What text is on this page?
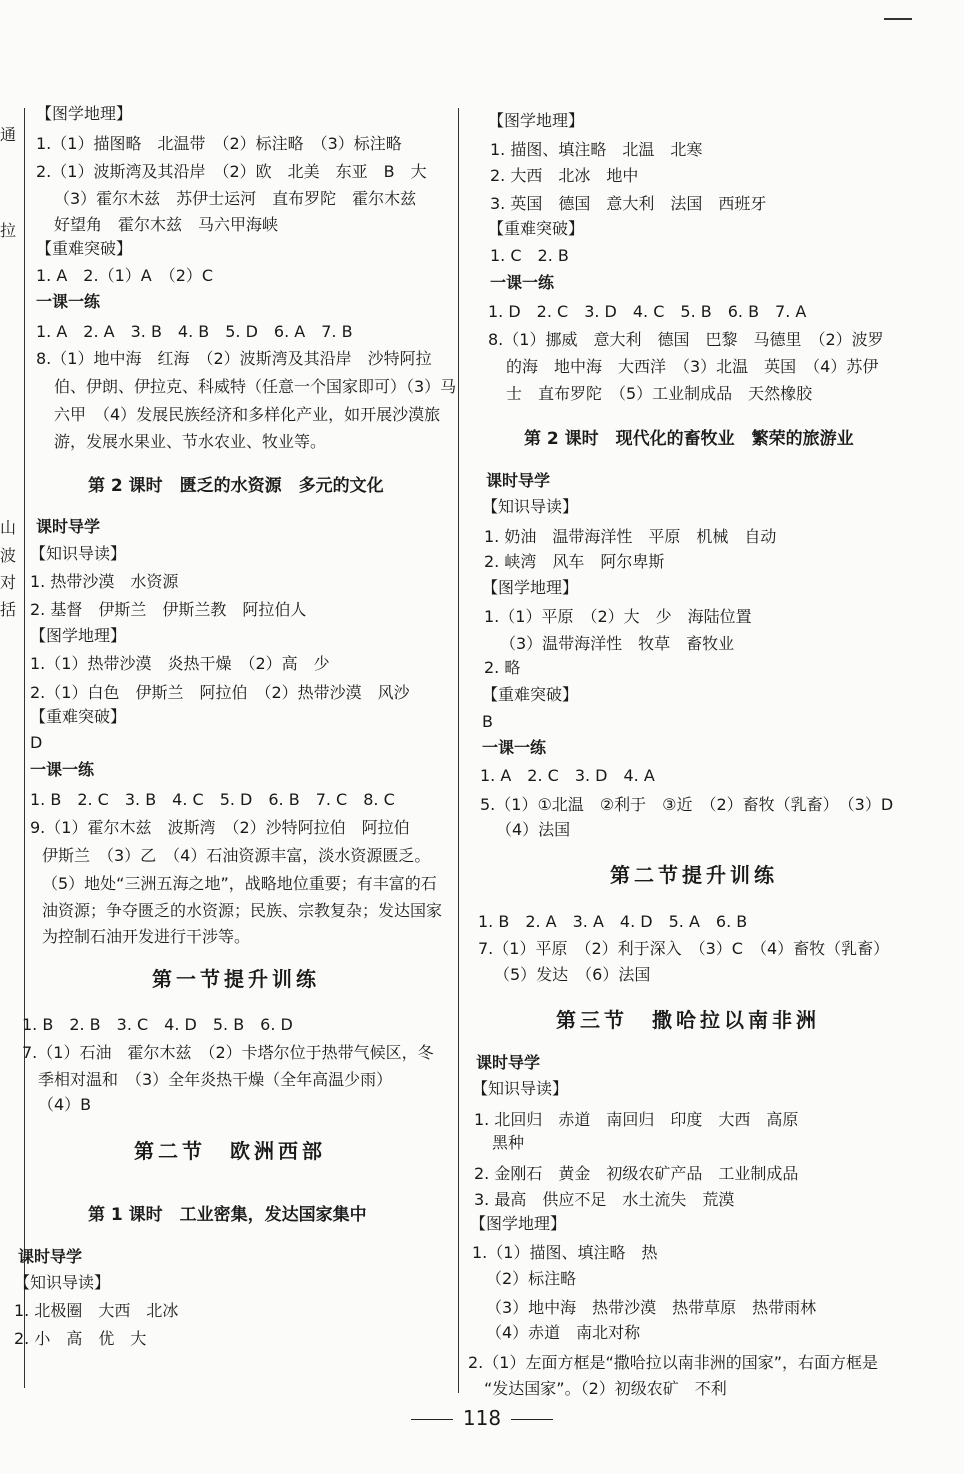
通
拉
山
波
对
括
【图学地理】
1.（1）描图略　北温带　（2）标注略　（3）标注略
2.（1）波斯湾及其沿岸　（2）欧　北美　东亚　B　大
（3）霍尔木兹　苏伊士运河　直布罗陀　霍尔木兹
好望角　霍尔木兹　马六甲海峡
【重难突破】
1. A　2.（1）A　（2）C
一课一练
1. A　2. A　3. B　4. B　5. D　6. A　7. B
8.（1）地中海　红海　（2）波斯湾及其沿岸　沙特阿拉
伯、伊朗、伊拉克、科威特（任意一个国家即可）（3）马
六甲　（4）发展民族经济和多样化产业，如开展沙漠旅
游，发展水果业、节水农业、牧业等。
第 2 课时　匮乏的水资源　多元的文化
课时导学
【知识导读】
1. 热带沙漠　水资源
2. 基督　伊斯兰　伊斯兰教　阿拉伯人
【图学地理】
1.（1）热带沙漠　炎热干燥　（2）高　少
2.（1）白色　伊斯兰　阿拉伯　（2）热带沙漠　风沙
【重难突破】
D
一课一练
1. B　2. C　3. B　4. C　5. D　6. B　7. C　8. C
9.（1）霍尔木兹　波斯湾　（2）沙特阿拉伯　阿拉伯
伊斯兰　（3）乙　（4）石油资源丰富，淡水资源匮乏。
（5）地处“三洲五海之地”，战略地位重要；有丰富的石
油资源；争夺匮乏的水资源；民族、宗教复杂；发达国家
为控制石油开发进行干涉等。
第一节提升训练
1. B　2. B　3. C　4. D　5. B　6. D
7.（1）石油　霍尔木兹　（2）卡塔尔位于热带气候区，冬
季相对温和　（3）全年炎热干燥（全年高温少雨）
（4）B
第二节　欧洲西部
第 1 课时　工业密集，发达国家集中
课时导学
【知识导读】
1. 北极圈　大西　北冰
2. 小　高　优　大
【图学地理】
1. 描图、填注略　北温　北寒
2. 大西　北冰　地中
3. 英国　德国　意大利　法国　西班牙
【重难突破】
1. C　2. B
一课一练
1. D　2. C　3. D　4. C　5. B　6. B　7. A
8.（1）挪威　意大利　德国　巴黎　马德里　（2）波罗
的海　地中海　大西洋　（3）北温　英国　（4）苏伊
士　直布罗陀　（5）工业制成品　天然橡胶
第 2 课时　现代化的畜牧业　繁荣的旅游业
课时导学
【知识导读】
1. 奶油　温带海洋性　平原　机械　自动
2. 峡湾　风车　阿尔卑斯
【图学地理】
1.（1）平原　（2）大　少　海陆位置
（3）温带海洋性　牧草　畜牧业
2. 略
【重难突破】
B
一课一练
1. A　2. C　3. D　4. A
5.（1）①北温　②利于　③近　（2）畜牧（乳畜）　（3）D
（4）法国
第二节提升训练
1. B　2. A　3. A　4. D　5. A　6. B
7.（1）平原　（2）利于深入　（3）C　（4）畜牧（乳畜）
（5）发达　（6）法国
第三节　撒哈拉以南非洲
课时导学
【知识导读】
1. 北回归　赤道　南回归　印度　大西　高原
黑种
2. 金刚石　黄金　初级农矿产品　工业制成品
3. 最高　供应不足　水土流失　荒漠
【图学地理】
1.（1）描图、填注略　热
（2）标注略
（3）地中海　热带沙漠　热带草原　热带雨林
（4）赤道　南北对称
2.（1）左面方框是“撒哈拉以南非洲的国家”，右面方框是
“发达国家”。（2）初级农矿　不利
118
